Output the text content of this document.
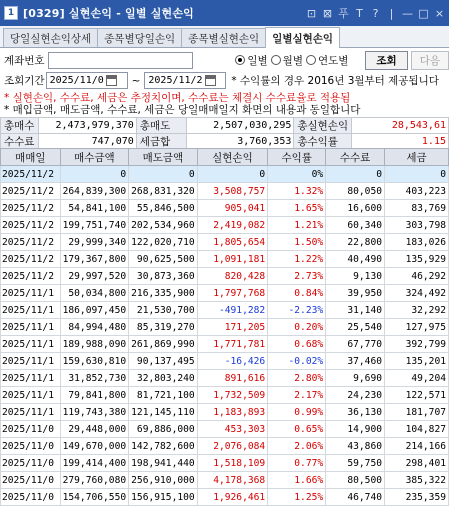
1 [0329] 실현손익 - 일별 실현손익	⊡ ⊠ 푸 T ?	| — □ ×
당일실현손익상세	종목별당일손익	종목별실현손익	일별실현손익
계좌번호	일별 월별 연도별	조회	다음
조회기간 2025/11/0	~ 2025/11/2	* 수익률의 경우 2016년 3월부터 제공됩니다
* 실현손익, 수수료, 세금은 추정치이며, 수수료는 체결시 수수료율로 적용됨
* 매입금액, 매도금액, 수수료, 세금은 당일매매일지 화면의 내용과 동일합니다
총매수	2,473,979,370	총매도	2,507,030,295	총실현손익	28,543,61
수수료	747,070	세금합	3,760,353	총수익률	1.15
매매일	매수금액	매도금액	실현손익	수익률	수수료	세금
2025/11/2	0	0	0	0%	0	0
2025/11/2	264,839,300	268,831,320	3,508,757	1.32%	80,050	403,223
2025/11/2	54,841,100	55,846,500	905,041	1.65%	16,600	83,769
2025/11/2	199,751,740	202,534,960	2,419,082	1.21%	60,340	303,798
2025/11/2	29,999,340	122,020,710	1,805,654	1.50%	22,800	183,026
2025/11/2	179,367,800	90,625,500	1,091,181	1.22%	40,490	135,929
2025/11/2	29,997,520	30,873,360	820,428	2.73%	9,130	46,292
2025/11/1	50,034,800	216,335,900	1,797,768	0.84%	39,950	324,492
2025/11/1	186,097,450	21,530,700	-491,282	-2.23%	31,140	32,292
2025/11/1	84,994,480	85,319,270	171,205	0.20%	25,540	127,975
2025/11/1	189,988,090	261,869,990	1,771,781	0.68%	67,770	392,799
2025/11/1	159,630,810	90,137,495	-16,426	-0.02%	37,460	135,201
2025/11/1	31,852,730	32,803,240	891,616	2.80%	9,690	49,204
2025/11/1	79,841,800	81,721,100	1,732,509	2.17%	24,230	122,571
2025/11/1	119,743,380	121,145,110	1,183,893	0.99%	36,130	181,707
2025/11/0	29,448,000	69,886,000	453,303	0.65%	14,900	104,827
2025/11/0	149,670,000	142,782,600	2,076,084	2.06%	43,860	214,166
2025/11/0	199,414,400	198,941,440	1,518,109	0.77%	59,750	298,401
2025/11/0	279,760,080	256,910,000	4,178,368	1.66%	80,500	385,322
2025/11/0	154,706,550	156,915,100	1,926,461	1.25%	46,740	235,359
